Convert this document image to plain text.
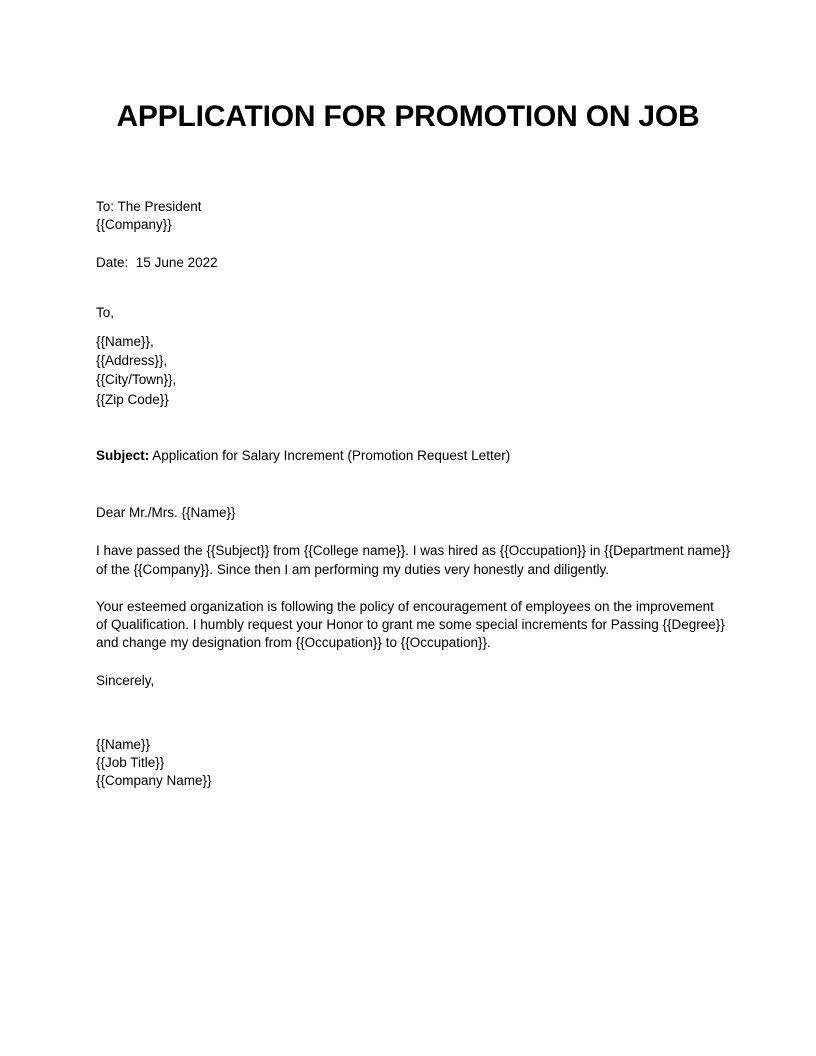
APPLICATION FOR PROMOTION ON JOB

To: The President

{{Company}}

Date: 15 June 2022

To,

{{Name}},

{{Address}},

{{City/Town}},

{{Zip Code}}

Subject: Application for Salary Increment (Promotion Request Letter)

Dear Mr./Mrs. {{Name}}

I have passed the {{Subject}} from {{College name}}. I was hired as {{Occupation}} in {{Department name}}

of the {{Company}}. Since then I am performing my duties very honestly and diligently.

Your esteemed organization is following the policy of encouragement of employees on the improvement

of Qualification. I humbly request your Honor to grant me some special increments for Passing {{Degree}}

and change my designation from {{Occupation}} to {{Occupation}}.

Sincerely,

{{Name}}

{{Job Title}}

{{Company Name}}
